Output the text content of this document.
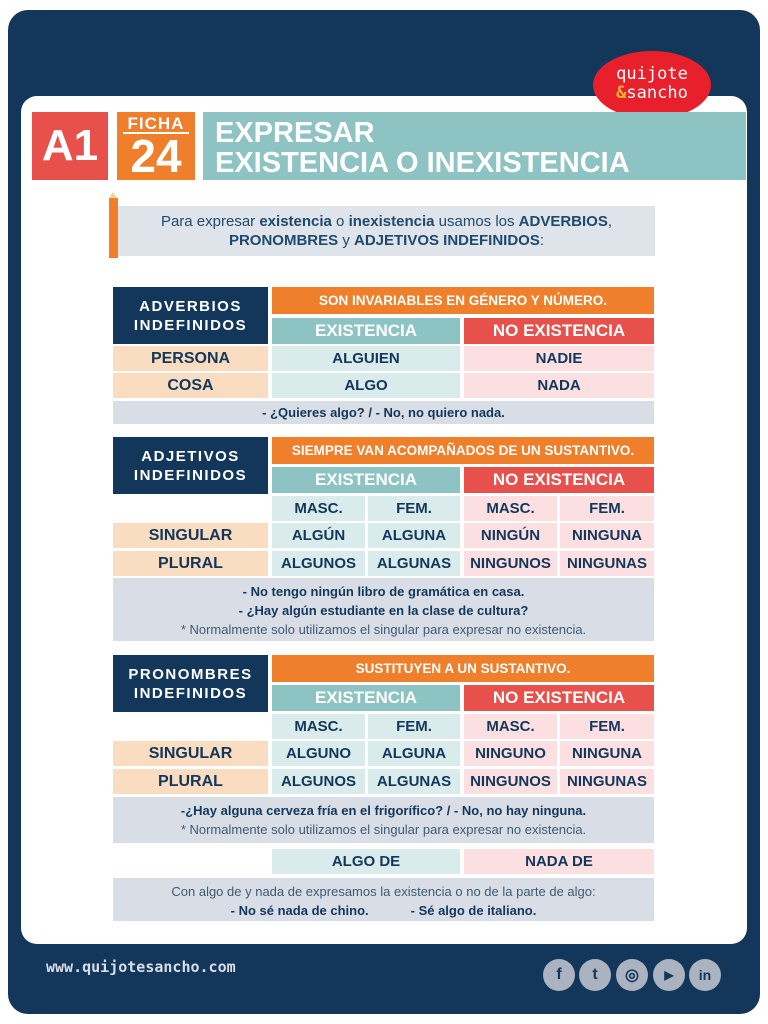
quijote
&sancho
A1	FICHA
24 EXPRESAR
EXISTENCIA O INEXISTENCIA
Para expresar existencia o inexistencia usamos los ADVERBIOS,
PRONOMBRES y ADJETIVOS INDEFINIDOS:
ADVERBIOS INDEFINIDOS
SON INVARIABLES EN GÉNERO Y NÚMERO.
EXISTENCIA	NO EXISTENCIA
PERSONA	ALGUIEN	NADIE
COSA	ALGO	NADA
- ¿Quieres algo? / - No, no quiero nada.
ADJETIVOS INDEFINIDOS
SIEMPRE VAN ACOMPAÑADOS DE UN SUSTANTIVO.
EXISTENCIA	NO EXISTENCIA
MASC.	FEM.	MASC.	FEM.
SINGULAR	ALGÚN	ALGUNA	NINGÚN	NINGUNA
PLURAL	ALGUNOS	ALGUNAS	NINGUNOS	NINGUNAS
- No tengo ningún libro de gramática en casa.
- ¿Hay algún estudiante en la clase de cultura?
* Normalmente solo utilizamos el singular para expresar no existencia.
PRONOMBRES INDEFINIDOS
SUSTITUYEN A UN SUSTANTIVO.
EXISTENCIA	NO EXISTENCIA
MASC.	FEM.	MASC.	FEM.
SINGULAR	ALGUNO	ALGUNA	NINGUNO	NINGUNA
PLURAL	ALGUNOS	ALGUNAS	NINGUNOS	NINGUNAS
-¿Hay alguna cerveza fría en el frigorífico? / - No, no hay ninguna.
* Normalmente solo utilizamos el singular para expresar no existencia.
ALGO DE	NADA DE
Con algo de y nada de expresamos la existencia o no de la parte de algo:
- No sé nada de chino.	- Sé algo de italiano.
www.quijotesancho.com	f	t	◎	▶	in
